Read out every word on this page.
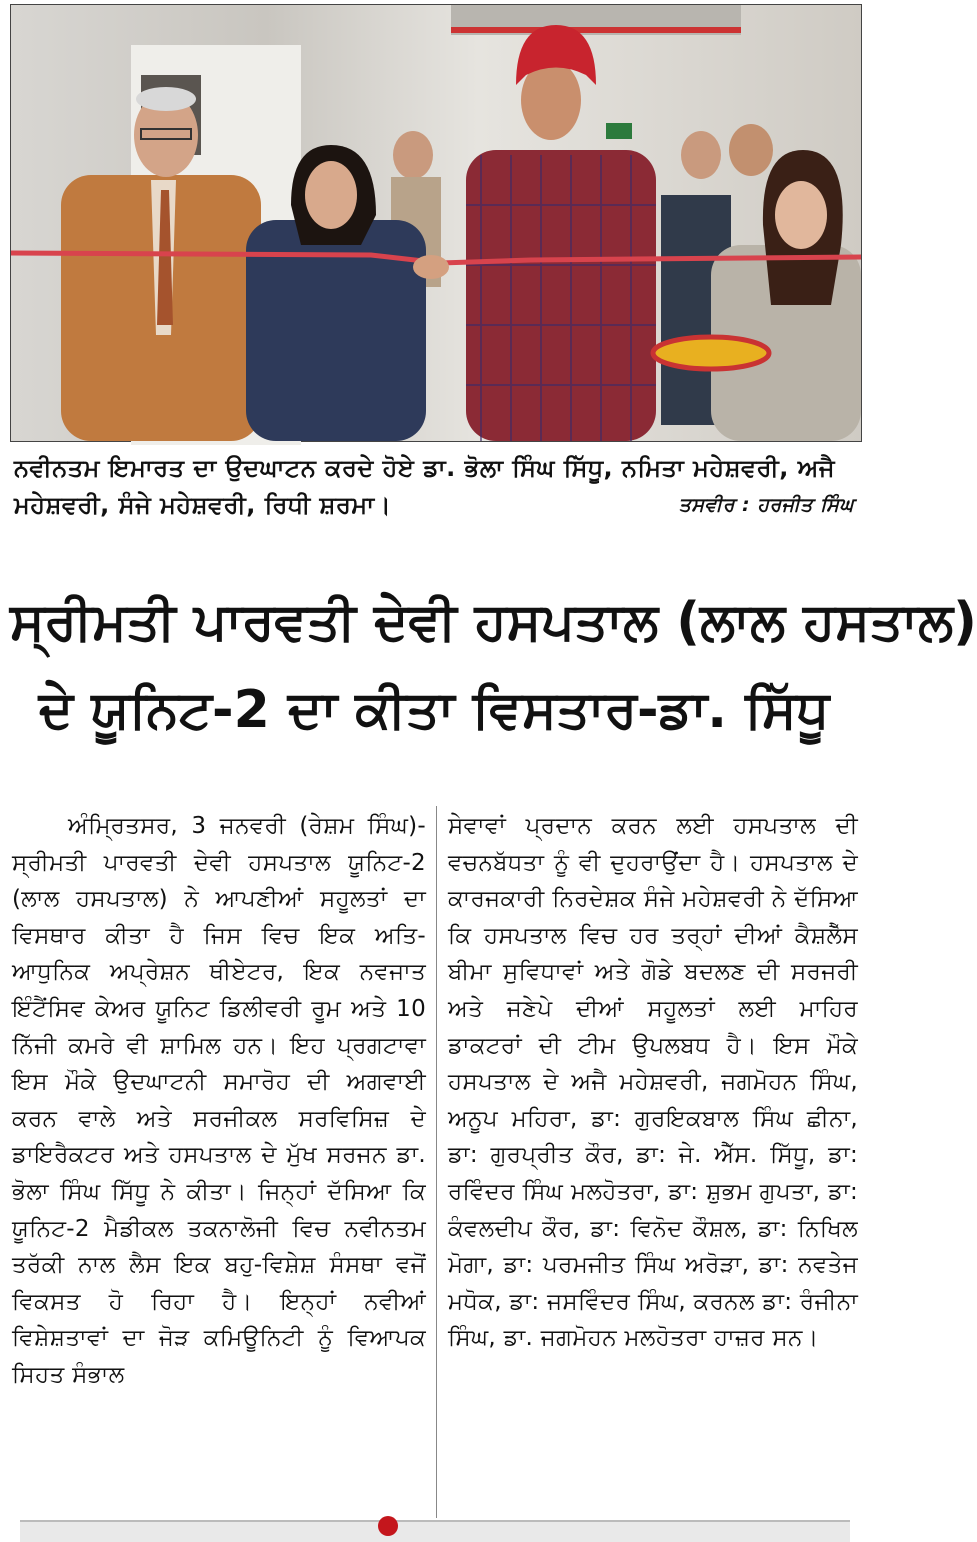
ਨਵੀਨਤਮ ਇਮਾਰਤ ਦਾ ਉਦਘਾਟਨ ਕਰਦੇ ਹੋਏ ਡਾ. ਭੋਲਾ ਸਿੰਘ ਸਿੱਧੂ, ਨਮਿਤਾ ਮਹੇਸ਼ਵਰੀ, ਅਜੈ ਮਹੇਸ਼ਵਰੀ, ਸੰਜੇ ਮਹੇਸ਼ਵਰੀ, ਰਿਧੀ ਸ਼ਰਮਾ।	ਤਸਵੀਰ : ਹਰਜੀਤ ਸਿੰਘ
ਸ੍ਰੀਮਤੀ ਪਾਰਵਤੀ ਦੇਵੀ ਹਸਪਤਾਲ (ਲਾਲ ਹਸਤਾਲ)
ਦੇ ਯੂਨਿਟ-2 ਦਾ ਕੀਤਾ ਵਿਸਤਾਰ-ਡਾ. ਸਿੱਧੂ
ਅੰਮ੍ਰਿਤਸਰ, 3 ਜਨਵਰੀ (ਰੇਸ਼ਮ ਸਿੰਘ)- ਸ੍ਰੀਮਤੀ ਪਾਰਵਤੀ ਦੇਵੀ ਹਸਪਤਾਲ ਯੂਨਿਟ-2 (ਲਾਲ ਹਸਪਤਾਲ) ਨੇ ਆਪਣੀਆਂ ਸਹੂਲਤਾਂ ਦਾ ਵਿਸਥਾਰ ਕੀਤਾ ਹੈ ਜਿਸ ਵਿਚ ਇਕ ਅਤਿ-ਆਧੁਨਿਕ ਅਪ੍ਰੇਸ਼ਨ ਥੀਏਟਰ, ਇਕ ਨਵਜਾਤ ਇੰਟੈਂਸਿਵ ਕੇਅਰ ਯੂਨਿਟ ਡਿਲੀਵਰੀ ਰੂਮ ਅਤੇ 10 ਨਿੱਜੀ ਕਮਰੇ ਵੀ ਸ਼ਾਮਿਲ ਹਨ। ਇਹ ਪ੍ਰਗਟਾਵਾ ਇਸ ਮੌਕੇ ਉਦਘਾਟਨੀ ਸਮਾਰੋਹ ਦੀ ਅਗਵਾਈ ਕਰਨ ਵਾਲੇ ਅਤੇ ਸਰਜੀਕਲ ਸਰਵਿਸਿਜ਼ ਦੇ ਡਾਇਰੈਕਟਰ ਅਤੇ ਹਸਪਤਾਲ ਦੇ ਮੁੱਖ ਸਰਜਨ ਡਾ. ਭੋਲਾ ਸਿੰਘ ਸਿੱਧੂ ਨੇ ਕੀਤਾ। ਜਿਨ੍ਹਾਂ ਦੱਸਿਆ ਕਿ ਯੂਨਿਟ-2 ਮੈਡੀਕਲ ਤਕਨਾਲੋਜੀ ਵਿਚ ਨਵੀਨਤਮ ਤਰੱਕੀ ਨਾਲ ਲੈਸ ਇਕ ਬਹੁ-ਵਿਸ਼ੇਸ਼ ਸੰਸਥਾ ਵਜੋਂ ਵਿਕਸਤ ਹੋ ਰਿਹਾ ਹੈ। ਇਨ੍ਹਾਂ ਨਵੀਆਂ ਵਿਸ਼ੇਸ਼ਤਾਵਾਂ ਦਾ ਜੋੜ ਕਮਿਊਨਿਟੀ ਨੂੰ ਵਿਆਪਕ ਸਿਹਤ ਸੰਭਾਲ
ਸੇਵਾਵਾਂ ਪ੍ਰਦਾਨ ਕਰਨ ਲਈ ਹਸਪਤਾਲ ਦੀ ਵਚਨਬੱਧਤਾ ਨੂੰ ਵੀ ਦੁਹਰਾਉਂਦਾ ਹੈ। ਹਸਪਤਾਲ ਦੇ ਕਾਰਜਕਾਰੀ ਨਿਰਦੇਸ਼ਕ ਸੰਜੇ ਮਹੇਸ਼ਵਰੀ ਨੇ ਦੱਸਿਆ ਕਿ ਹਸਪਤਾਲ ਵਿਚ ਹਰ ਤਰ੍ਹਾਂ ਦੀਆਂ ਕੈਸ਼ਲੈੱਸ ਬੀਮਾ ਸੁਵਿਧਾਵਾਂ ਅਤੇ ਗੋਡੇ ਬਦਲਣ ਦੀ ਸਰਜਰੀ ਅਤੇ ਜਣੇਪੇ ਦੀਆਂ ਸਹੂਲਤਾਂ ਲਈ ਮਾਹਿਰ ਡਾਕਟਰਾਂ ਦੀ ਟੀਮ ਉਪਲਬਧ ਹੈ। ਇਸ ਮੌਕੇ ਹਸਪਤਾਲ ਦੇ ਅਜੈ ਮਹੇਸ਼ਵਰੀ, ਜਗਮੋਹਨ ਸਿੰਘ, ਅਨੂਪ ਮਹਿਰਾ, ਡਾ: ਗੁਰਇਕਬਾਲ ਸਿੰਘ ਛੀਨਾ, ਡਾ: ਗੁਰਪ੍ਰੀਤ ਕੌਰ, ਡਾ: ਜੇ. ਐੱਸ. ਸਿੱਧੂ, ਡਾ: ਰਵਿੰਦਰ ਸਿੰਘ ਮਲਹੋਤਰਾ, ਡਾ: ਸ਼ੁਭਮ ਗੁਪਤਾ, ਡਾ: ਕੰਵਲਦੀਪ ਕੌਰ, ਡਾ: ਵਿਨੋਦ ਕੌਸ਼ਲ, ਡਾ: ਨਿਖਿਲ ਮੋਗਾ, ਡਾ: ਪਰਮਜੀਤ ਸਿੰਘ ਅਰੋੜਾ, ਡਾ: ਨਵਤੇਜ ਮਧੋਕ, ਡਾ: ਜਸਵਿੰਦਰ ਸਿੰਘ, ਕਰਨਲ ਡਾ: ਰੰਜੀਨਾ ਸਿੰਘ, ਡਾ. ਜਗਮੋਹਨ ਮਲਹੋਤਰਾ ਹਾਜ਼ਰ ਸਨ।
